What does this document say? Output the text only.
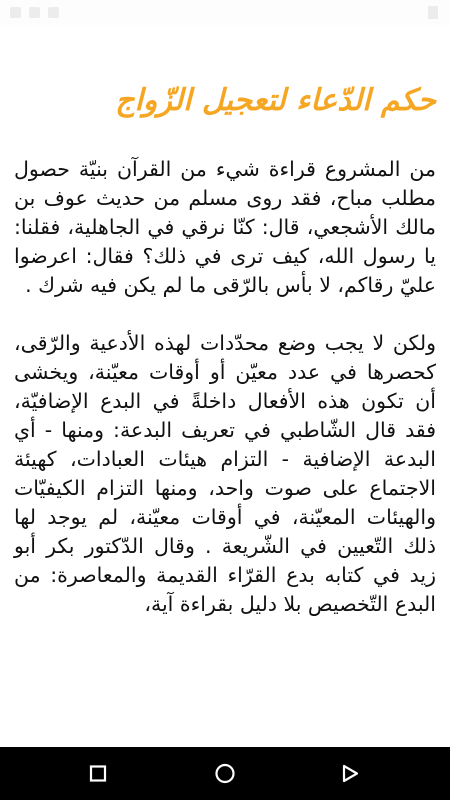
حكم الدّعاء لتعجيل الزّواج

من المشروع قراءة شيء من القرآن بنيّة حصول مطلب مباح، فقد روى مسلم من حديث عوف بن مالك الأشجعي، قال: كنّا نرقي في الجاهلية، فقلنا: يا رسول الله، كيف ترى في ذلك؟ فقال: اعرضوا عليّ رقاكم، لا بأس بالرّقى ما لم يكن فيه شرك .

ولكن لا يجب وضع محدّدات لهذه الأدعية والرّقى، كحصرها في عدد معيّن أو أوقات معيّنة، ويخشى أن تكون هذه الأفعال داخلةً في البدع الإضافيّة، فقد قال الشّاطبي في تعريف البدعة: ومنها - أي البدعة الإضافية - التزام هيئات العبادات، كهيئة الاجتماع على صوت واحد، ومنها التزام الكيفيّات والهيئات المعيّنة، في أوقات معيّنة، لم يوجد لها ذلك التّعيين في الشّريعة . وقال الدّكتور بكر أبو زيد في كتابه بدع القرّاء القديمة والمعاصرة: من البدع التّخصيص بلا دليل بقراءة آية،
